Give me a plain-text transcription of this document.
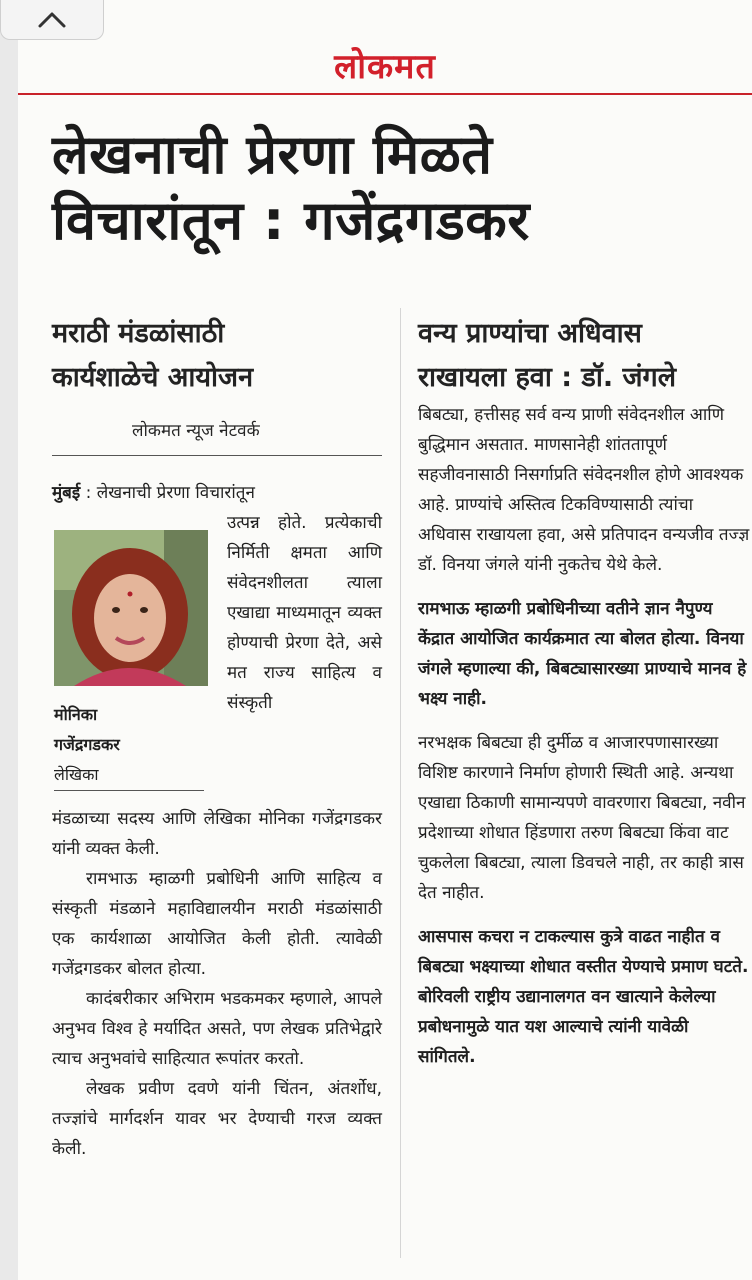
लोकमत
लेखनाची प्रेरणा मिळते
विचारांतून : गजेंद्रगडकर
मराठी मंडळांसाठी
कार्यशाळेचे आयोजन
लोकमत न्यूज नेटवर्क
मुंबई : लेखनाची प्रेरणा विचारांतून
उत्पन्न होते. प्रत्येकाची निर्मिती क्षमता आणि संवेदनशीलता त्याला एखाद्या माध्यमातून व्यक्त होण्याची प्रेरणा देते, असे मत राज्य साहित्य व संस्कृती
मोनिका
गजेंद्रगडकर
लेखिका

मंडळाच्या सदस्य आणि लेखिका मोनिका गजेंद्रगडकर यांनी व्यक्त केली.

रामभाऊ म्हाळगी प्रबोधिनी आणि साहित्य व संस्कृती मंडळाने महाविद्यालयीन मराठी मंडळांसाठी एक कार्यशाळा आयोजित केली होती. त्यावेळी गजेंद्रगडकर बोलत होत्या.

कादंबरीकार अभिराम भडकमकर म्हणाले, आपले अनुभव विश्व हे मर्यादित असते, पण लेखक प्रतिभेद्वारे त्याच अनुभवांचे साहित्यात रूपांतर करतो.

लेखक प्रवीण दवणे यांनी चिंतन, अंतर्शोध, तज्ज्ञांचे मार्गदर्शन यावर भर देण्याची गरज व्यक्त केली.

वन्य प्राण्यांचा अधिवास
राखायला हवा : डॉ. जंगले

बिबट्या, हत्तीसह सर्व वन्य प्राणी संवेदनशील आणि बुद्धिमान असतात. माणसानेही शांततापूर्ण सहजीवनासाठी निसर्गाप्रति संवेदनशील होणे आवश्यक आहे. प्राण्यांचे अस्तित्व टिकविण्यासाठी त्यांचा अधिवास राखायला हवा, असे प्रतिपादन वन्यजीव तज्ज्ञ डॉ. विनया जंगले यांनी नुकतेच येथे केले.

रामभाऊ म्हाळगी प्रबोधिनीच्या वतीने ज्ञान नैपुण्य केंद्रात आयोजित कार्यक्रमात त्या बोलत होत्या. विनया जंगले म्हणाल्या की, बिबट्यासारख्या प्राण्याचे मानव हे भक्ष्य नाही.

नरभक्षक बिबट्या ही दुर्मीळ व आजारपणासारख्या विशिष्ट कारणाने निर्माण होणारी स्थिती आहे. अन्यथा एखाद्या ठिकाणी सामान्यपणे वावरणारा बिबट्या, नवीन प्रदेशाच्या शोधात हिंडणारा तरुण बिबट्या किंवा वाट चुकलेला बिबट्या, त्याला डिवचले नाही, तर काही त्रास देत नाहीत.

आसपास कचरा न टाकल्यास कुत्रे वाढत नाहीत व बिबट्या भक्ष्याच्या शोधात वस्तीत येण्याचे प्रमाण घटते. बोरिवली राष्ट्रीय उद्यानालगत वन खात्याने केलेल्या प्रबोधनामुळे यात यश आल्याचे त्यांनी यावेळी सांगितले.
